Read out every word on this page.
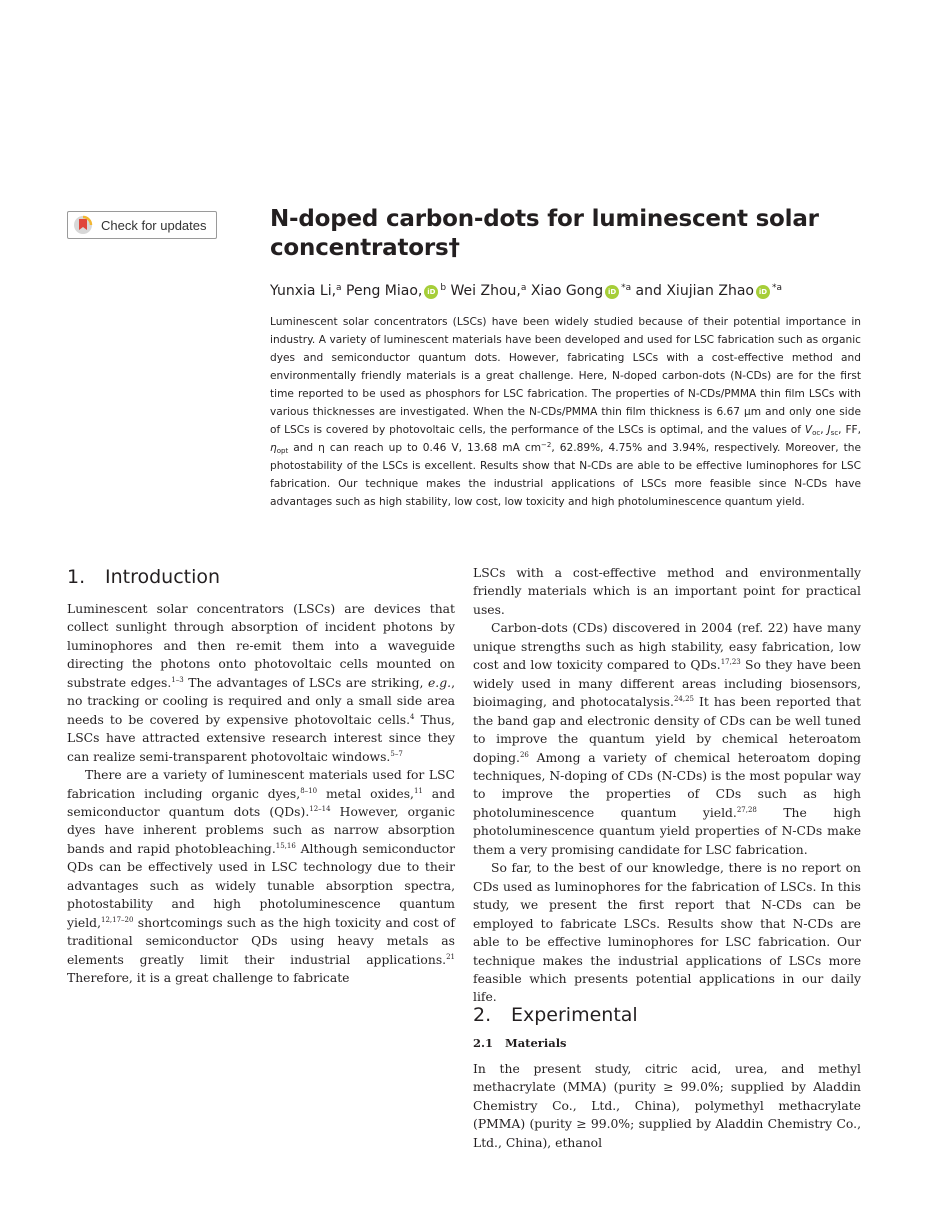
Check for updates	N-doped carbon-dots for luminescent solar concentrators†
Yunxia Li,$^a$ Peng Miao, iD $^b$ Wei Zhou,$^a$ Xiao Gong iD $^{*a}$ and Xiujian Zhao iD $^{*a}$
Luminescent solar concentrators (LSCs) have been widely studied because of their potential importance in industry. A variety of luminescent materials have been developed and used for LSC fabrication such as organic dyes and semiconductor quantum dots. However, fabricating LSCs with a cost-effective method and environmentally friendly materials is a great challenge. Here, N-doped carbon-dots (N-CDs) are for the first time reported to be used as phosphors for LSC fabrication. The properties of N-CDs/PMMA thin film LSCs with various thicknesses are investigated. When the N-CDs/PMMA thin film thickness is 6.67 μm and only one side of LSCs is covered by photovoltaic cells, the performance of the LSCs is optimal, and the values of $V_{oc}$, $J_{sc}$, FF, $\eta_{opt}$ and η can reach up to 0.46 V, 13.68 mA $cm^{-2}$, 62.89%, 4.75% and 3.94%, respectively. Moreover, the photostability of the LSCs is excellent. Results show that N-CDs are able to be effective luminophores for LSC fabrication. Our technique makes the industrial applications of LSCs more feasible since N-CDs have advantages such as high stability, low cost, low toxicity and high photoluminescence quantum yield.
1. Introduction

Luminescent solar concentrators (LSCs) are devices that collect sunlight through absorption of incident photons by luminophores and then re-emit them into a waveguide directing the photons onto photovoltaic cells mounted on substrate edges.$^{1-3}$ The advantages of LSCs are striking, e.g., no tracking or cooling is required and only a small side area needs to be covered by expensive photovoltaic cells.$^4$ Thus, LSCs have attracted extensive research interest since they can realize semi-transparent photovoltaic windows.$^{5-7}$

There are a variety of luminescent materials used for LSC fabrication including organic dyes,$^{8-10}$ metal oxides,$^{11}$ and semiconductor quantum dots (QDs).$^{12-14}$ However, organic dyes have inherent problems such as narrow absorption bands and rapid photobleaching.$^{15,16}$ Although semiconductor QDs can be effectively used in LSC technology due to their advantages such as widely tunable absorption spectra, photostability and high photoluminescence quantum yield,$^{12,17-20}$ shortcomings such as the high toxicity and cost of traditional semiconductor QDs using heavy metals as elements greatly limit their industrial applications.$^{21}$ Therefore, it is a great challenge to fabricate

LSCs with a cost-effective method and environmentally friendly materials which is an important point for practical uses.

Carbon-dots (CDs) discovered in 2004 (ref. 22) have many unique strengths such as high stability, easy fabrication, low cost and low toxicity compared to QDs.$^{17,23}$ So they have been widely used in many different areas including biosensors, bioimaging, and photocatalysis.$^{24,25}$ It has been reported that the band gap and electronic density of CDs can be well tuned to improve the quantum yield by chemical heteroatom doping.$^{26}$ Among a variety of chemical heteroatom doping techniques, N-doping of CDs (N-CDs) is the most popular way to improve the properties of CDs such as high photoluminescence quantum yield.$^{27,28}$ The high photoluminescence quantum yield properties of N-CDs make them a very promising candidate for LSC fabrication.

So far, to the best of our knowledge, there is no report on CDs used as luminophores for the fabrication of LSCs. In this study, we present the first report that N-CDs can be employed to fabricate LSCs. Results show that N-CDs are able to be effective luminophores for LSC fabrication. Our technique makes the industrial applications of LSCs more feasible which presents potential applications in our daily life.

2. Experimental
2.1 Materials

In the present study, citric acid, urea, and methyl methacrylate (MMA) (purity ≥ 99.0%; supplied by Aladdin Chemistry Co., Ltd., China), polymethyl methacrylate (PMMA) (purity ≥ 99.0%; supplied by Aladdin Chemistry Co., Ltd., China), ethanol
